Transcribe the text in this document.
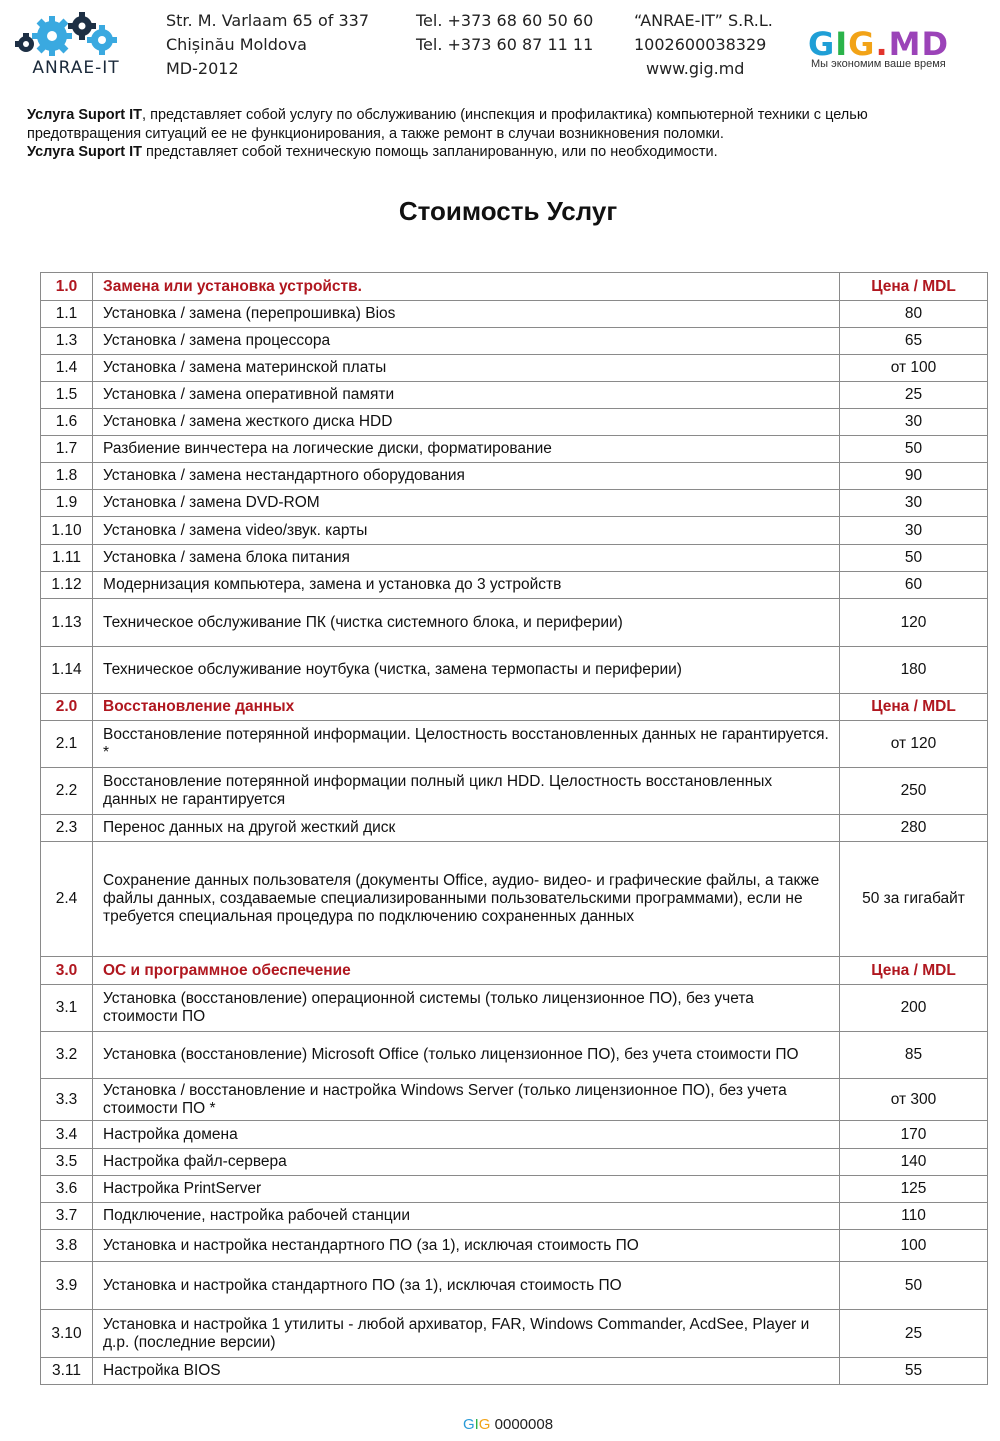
ANRAE-IT
Str. M. Varlaam 65 of 337
Chișinău Moldova
MD-2012
Tel. +373 68 60 50 60
Tel. +373 60 87 11 11
“ANRAE-IT” S.R.L.
1002600038329
www.gig.md
GIG.MD
Мы экономим ваше время

Услуга Suport IT, представляет собой услугу по обслуживанию (инспекция и профилактика) компьютерной техники с целью предотвращения ситуаций ее не функционирования, а также ремонт в случаи возникновения поломки.

Услуга Suport IT представляет собой техническую помощь запланированную, или по необходимости.

Стоимость Услуг
1.0	Замена или установка устройств.	Цена / MDL
1.1	Установка / замена (перепрошивка) Bios	80
1.3	Установка / замена процессора	65
1.4	Установка / замена материнской платы	от 100
1.5	Установка / замена оперативной памяти	25
1.6	Установка / замена жесткого диска HDD	30
1.7	Разбиение винчестера на логические диски, форматирование	50
1.8	Установка / замена нестандартного оборудования	90
1.9	Установка / замена DVD-ROM	30
1.10	Установка / замена video/звук. карты	30
1.11	Установка / замена блока питания	50
1.12	Модернизация компьютера, замена и установка до 3 устройств	60
1.13	Техническое обслуживание ПК (чистка системного блока, и периферии)	120
1.14	Техническое обслуживание ноутбука (чистка, замена термопасты и периферии)	180
2.0	Восстановление данных	Цена / MDL
2.1	Восстановление потерянной информации. Целостность восстановленных данных не гарантируется. *	от 120
2.2	Восстановление потерянной информации полный цикл HDD. Целостность восстановленных данных не гарантируется	250
2.3	Перенос данных на другой жесткий диск	280
2.4	Сохранение данных пользователя (документы Office, аудио- видео- и графические файлы, а также файлы данных, создаваемые специализированными пользовательскими программами), если не требуется специальная процедура по подключению сохраненных данных	50 за гигабайт
3.0	ОС и программное обеспечение	Цена / MDL
3.1	Установка (восстановление) операционной системы (только лицензионное ПО), без учета стоимости ПО	200
3.2	Установка (восстановление) Microsoft Office (только лицензионное ПО), без учета стоимости ПО	85
3.3	Установка / восстановление и настройка Windows Server (только лицензионное ПО), без учета стоимости ПО *	от 300
3.4	Настройка домена	170
3.5	Настройка файл-сервера	140
3.6	Настройка PrintServer	125
3.7	Подключение, настройка рабочей станции	110
3.8	Установка и настройка нестандартного ПО (за 1), исключая стоимость ПО	100
3.9	Установка и настройка стандартного ПО (за 1), исключая стоимость ПО	50
3.10	Установка и настройка 1 утилиты - любой архиватор, FAR, Windows Commander, AcdSee, Player и д.р. (последние версии)	25
3.11	Настройка BIOS	55
GIG 0000008
